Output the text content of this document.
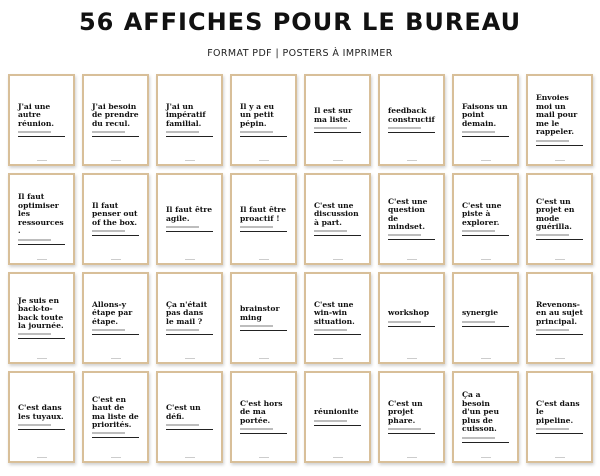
56 AFFICHES POUR LE BUREAU
FORMAT PDF | POSTERS À IMPRIMER
J'ai une autre réunion.
J'ai besoin de prendre du recul.
J'ai un impératif familial.
Il y a eu un petit pépin.
Il est sur ma liste.
feedback constructif
Faisons un point demain.
Envoies moi un mail pour me le rappeler.
Il faut optimiser les ressources.
Il faut penser out of the box.
Il faut être agile.
Il faut être proactif !
C'est une discussion à part.
C'est une question de mindset.
C'est une piste à explorer.
C'est un projet en mode guérilla.
Je suis en back-to-back toute la journée.
Allons-y étape par étape.
Ça n'était pas dans le mail ?
brainstorming
C'est une win-win situation.
workshop	synergie
Revenons-en au sujet principal.
C'est dans les tuyaux.
C'est en haut de ma liste de priorités.
C'est un défi.
C'est hors de ma portée.
réunionite
C'est un projet phare.
Ça a besoin d'un peu plus de cuisson.
C'est dans le pipeline.
